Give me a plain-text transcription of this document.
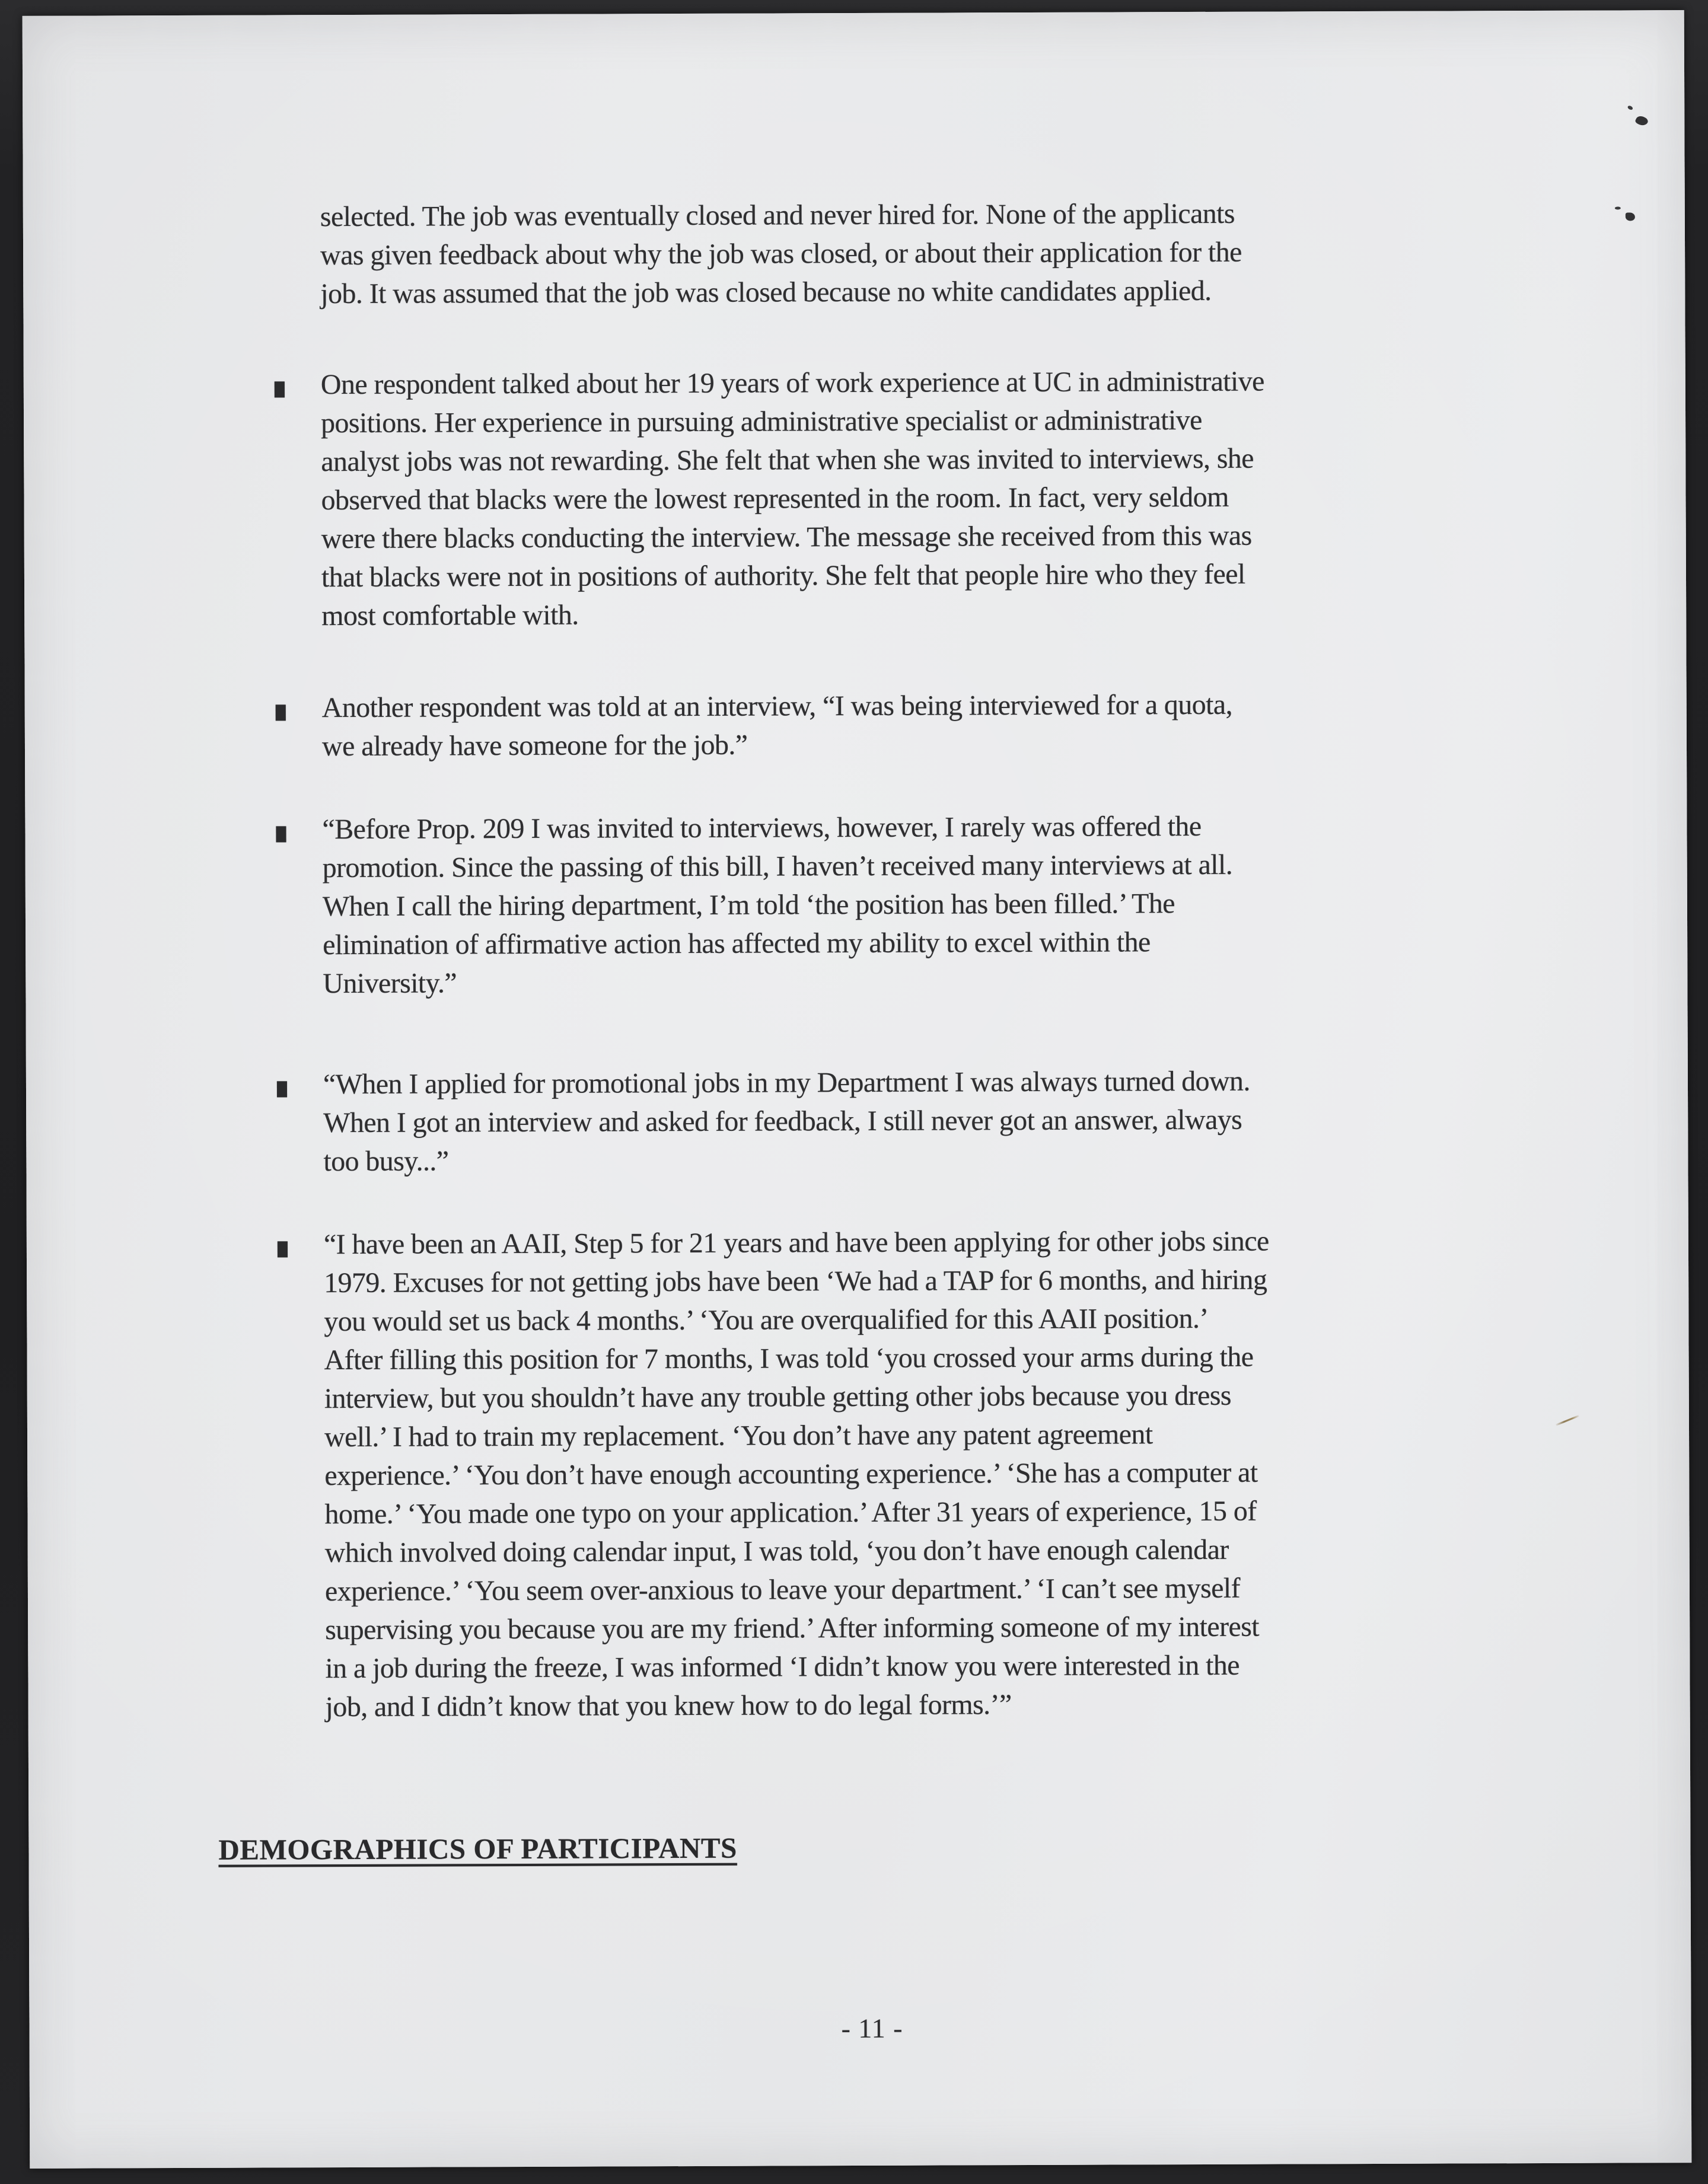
selected. The job was eventually closed and never hired for. None of the applicants
was given feedback about why the job was closed, or about their application for the
job. It was assumed that the job was closed because no white candidates applied.
One respondent talked about her 19 years of work experience at UC in administrative
positions. Her experience in pursuing administrative specialist or administrative
analyst jobs was not rewarding. She felt that when she was invited to interviews, she
observed that blacks were the lowest represented in the room. In fact, very seldom
were there blacks conducting the interview. The message she received from this was
that blacks were not in positions of authority. She felt that people hire who they feel
most comfortable with.
Another respondent was told at an interview, “I was being interviewed for a quota,
we already have someone for the job.”
“Before Prop. 209 I was invited to interviews, however, I rarely was offered the
promotion. Since the passing of this bill, I haven’t received many interviews at all.
When I call the hiring department, I’m told ‘the position has been filled.’ The
elimination of affirmative action has affected my ability to excel within the
University.”
“When I applied for promotional jobs in my Department I was always turned down.
When I got an interview and asked for feedback, I still never got an answer, always
too busy...”
“I have been an AAII, Step 5 for 21 years and have been applying for other jobs since
1979. Excuses for not getting jobs have been ‘We had a TAP for 6 months, and hiring
you would set us back 4 months.’ ‘You are overqualified for this AAII position.’
After filling this position for 7 months, I was told ‘you crossed your arms during the
interview, but you shouldn’t have any trouble getting other jobs because you dress
well.’ I had to train my replacement. ‘You don’t have any patent agreement
experience.’ ‘You don’t have enough accounting experience.’ ‘She has a computer at
home.’ ‘You made one typo on your application.’ After 31 years of experience, 15 of
which involved doing calendar input, I was told, ‘you don’t have enough calendar
experience.’ ‘You seem over-anxious to leave your department.’ ‘I can’t see myself
supervising you because you are my friend.’ After informing someone of my interest
in a job during the freeze, I was informed ‘I didn’t know you were interested in the
job, and I didn’t know that you knew how to do legal forms.’”
DEMOGRAPHICS OF PARTICIPANTS
- 11 -
